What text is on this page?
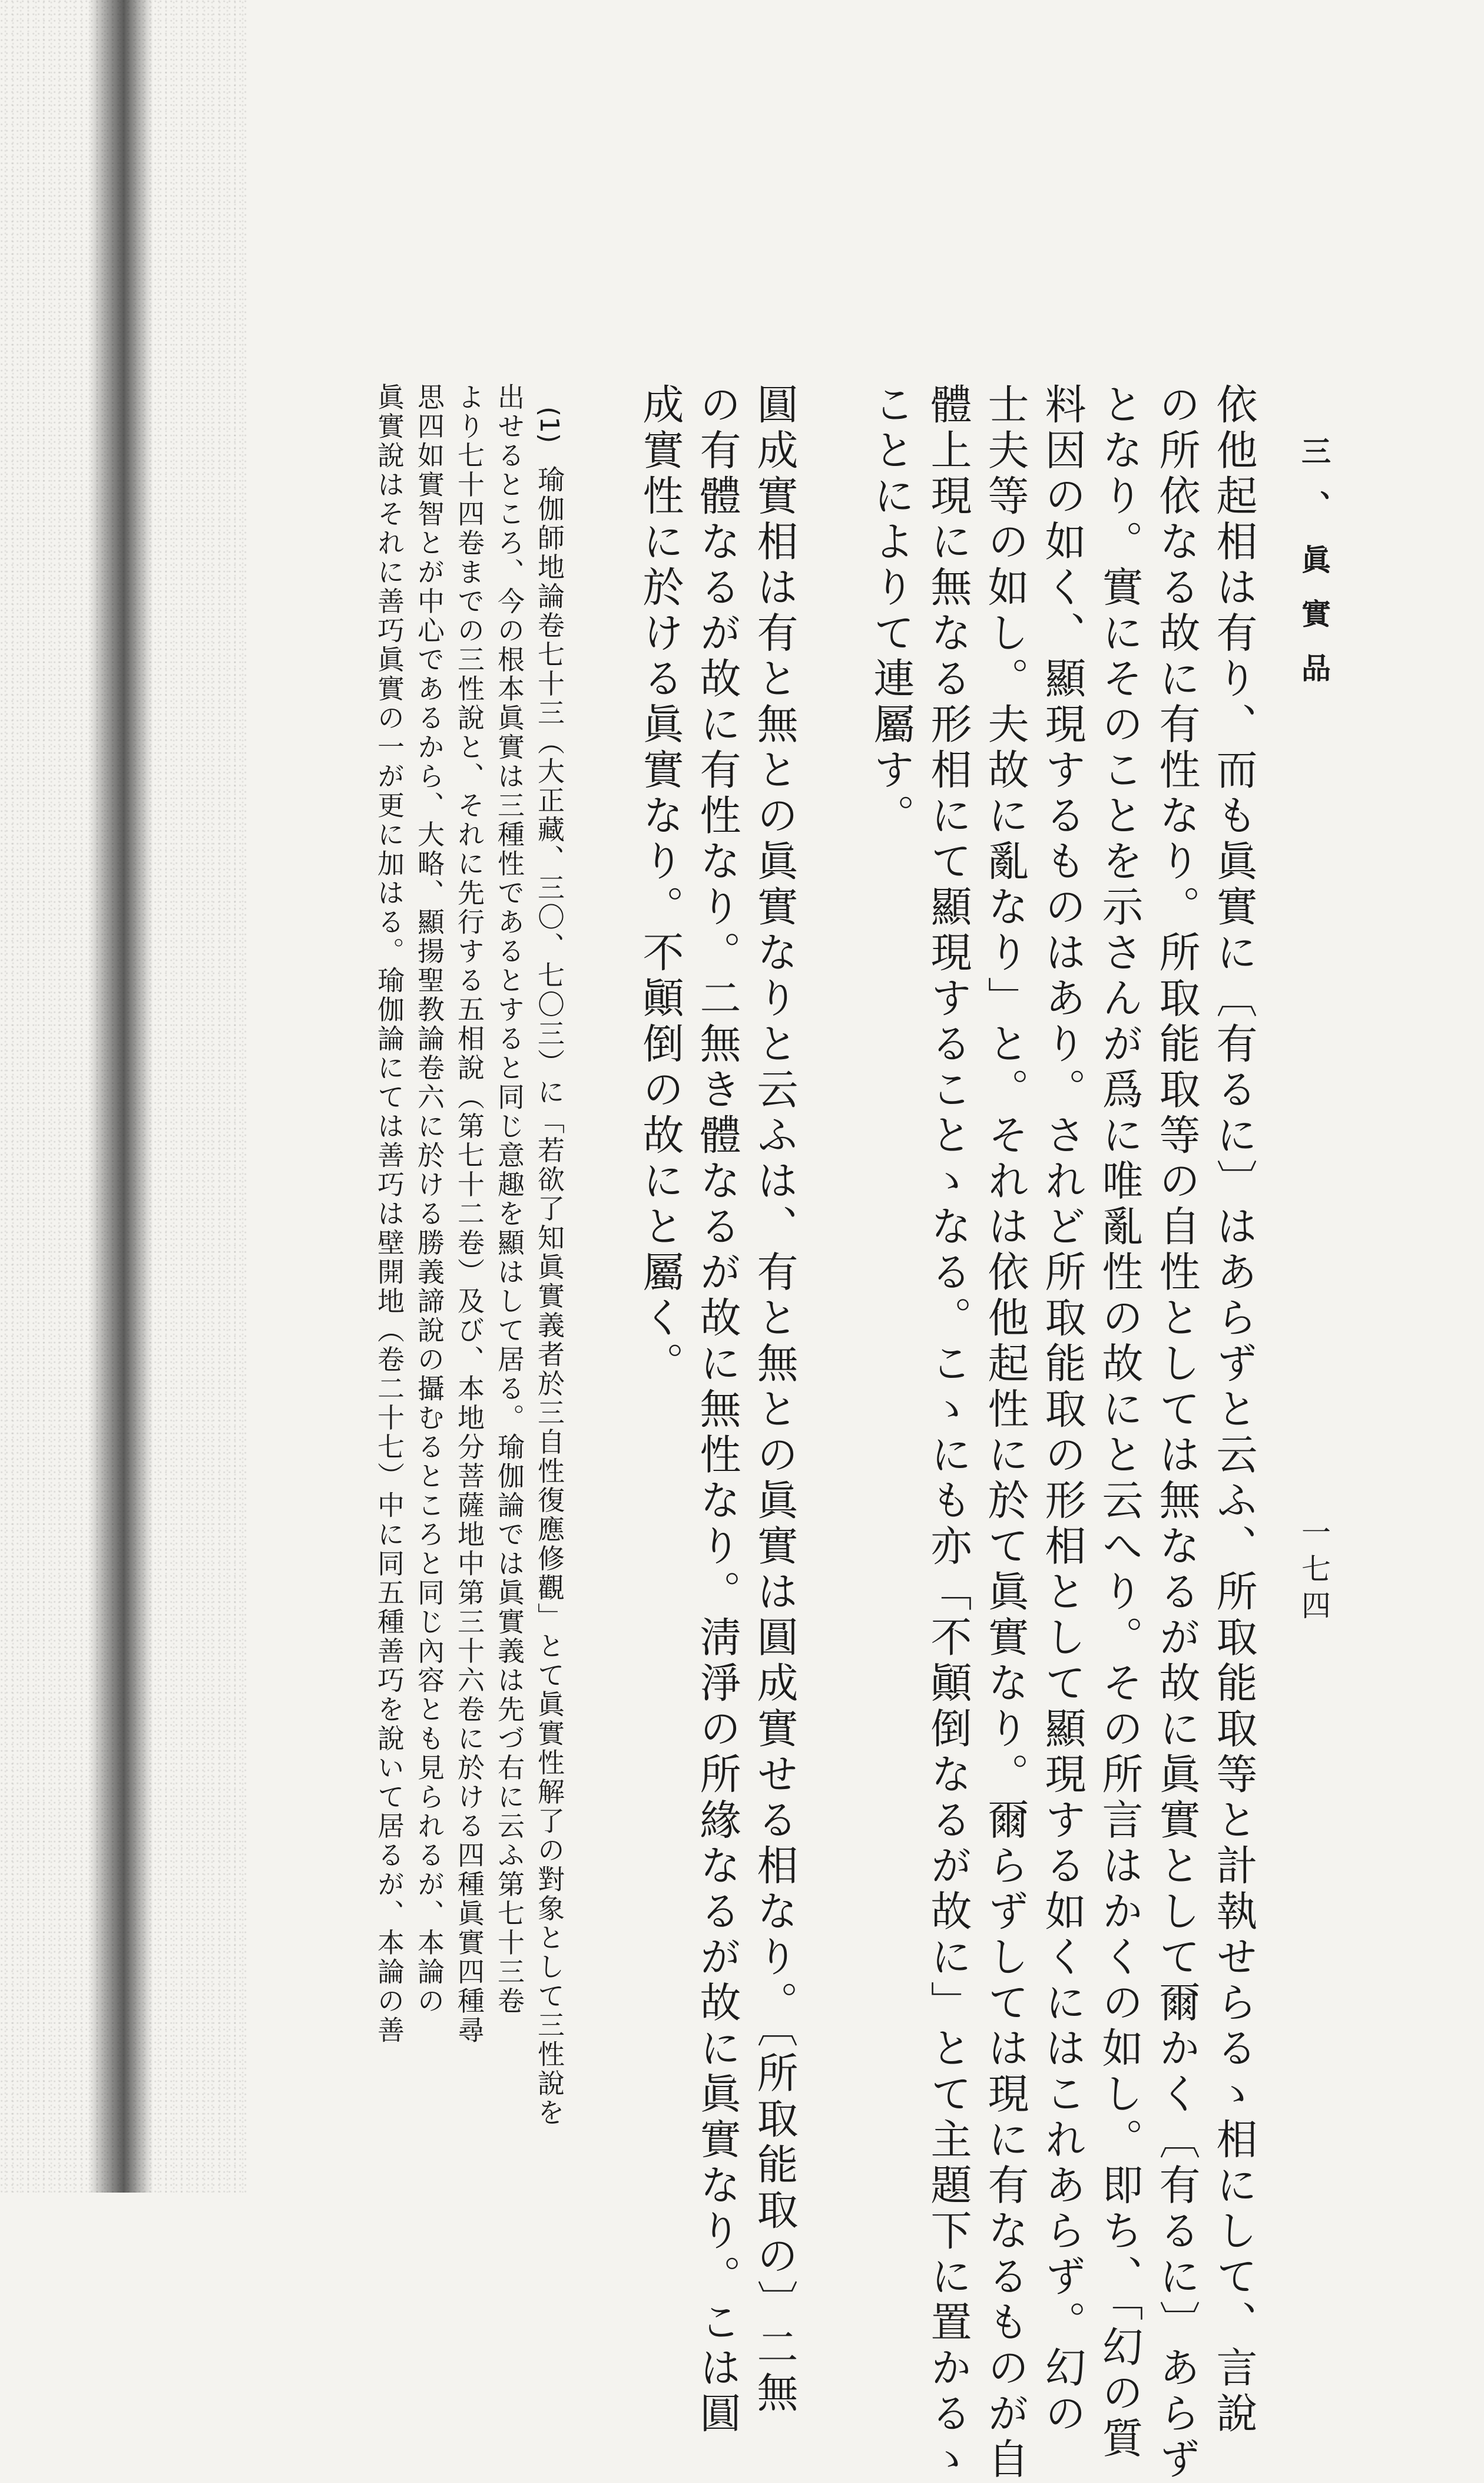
三、眞實品
一七四
依他起相は有り、而も眞實に〔有るに〕はあらずと云ふ、所取能取等と計執せらるゝ相にして、言說
の所依なる故に有性なり。所取能取等の自性としては無なるが故に眞實として爾かく〔有るに〕あらず
となり。實にそのことを示さんが爲に唯亂性の故にと云へり。その所言はかくの如し。即ち、「幻の質
料因の如く、顯現するものはあり。されど所取能取の形相として顯現する如くにはこれあらず。幻の
士夫等の如し。夫故に亂なり」と。それは依他起性に於て眞實なり。爾らずしては現に有なるものが自
體上現に無なる形相にて顯現することゝなる。こゝにも亦「不顚倒なるが故に」とて主題下に置かるゝ
ことによりて連屬す。
圓成實相は有と無との眞實なりと云ふは、有と無との眞實は圓成實せる相なり。〔所取能取の〕二無
の有體なるが故に有性なり。二無き體なるが故に無性なり。淸淨の所緣なるが故に眞實なり。こは圓
成實性に於ける眞實なり。不顚倒の故にと屬く。
(1)
瑜伽師地論卷七十三（大正藏、三〇、七〇三）に「若欲了知眞實義者於三自性復應修觀」とて眞實性解了の對象として三性說を
出せるところ、今の根本眞實は三種性であるとすると同じ意趣を顯はして居る。瑜伽論では眞實義は先づ右に云ふ第七十三卷
より七十四卷までの三性說と、それに先行する五相說（第七十二卷）及び、本地分菩薩地中第三十六卷に於ける四種眞實四種尋
思四如實智とが中心であるから、大略、顯揚聖教論卷六に於ける勝義諦說の攝むるところと同じ內容とも見られるが、本論の
眞實說はそれに善巧眞實の一が更に加はる。瑜伽論にては善巧は壁開地（卷二十七）中に同五種善巧を說いて居るが、本論の善
